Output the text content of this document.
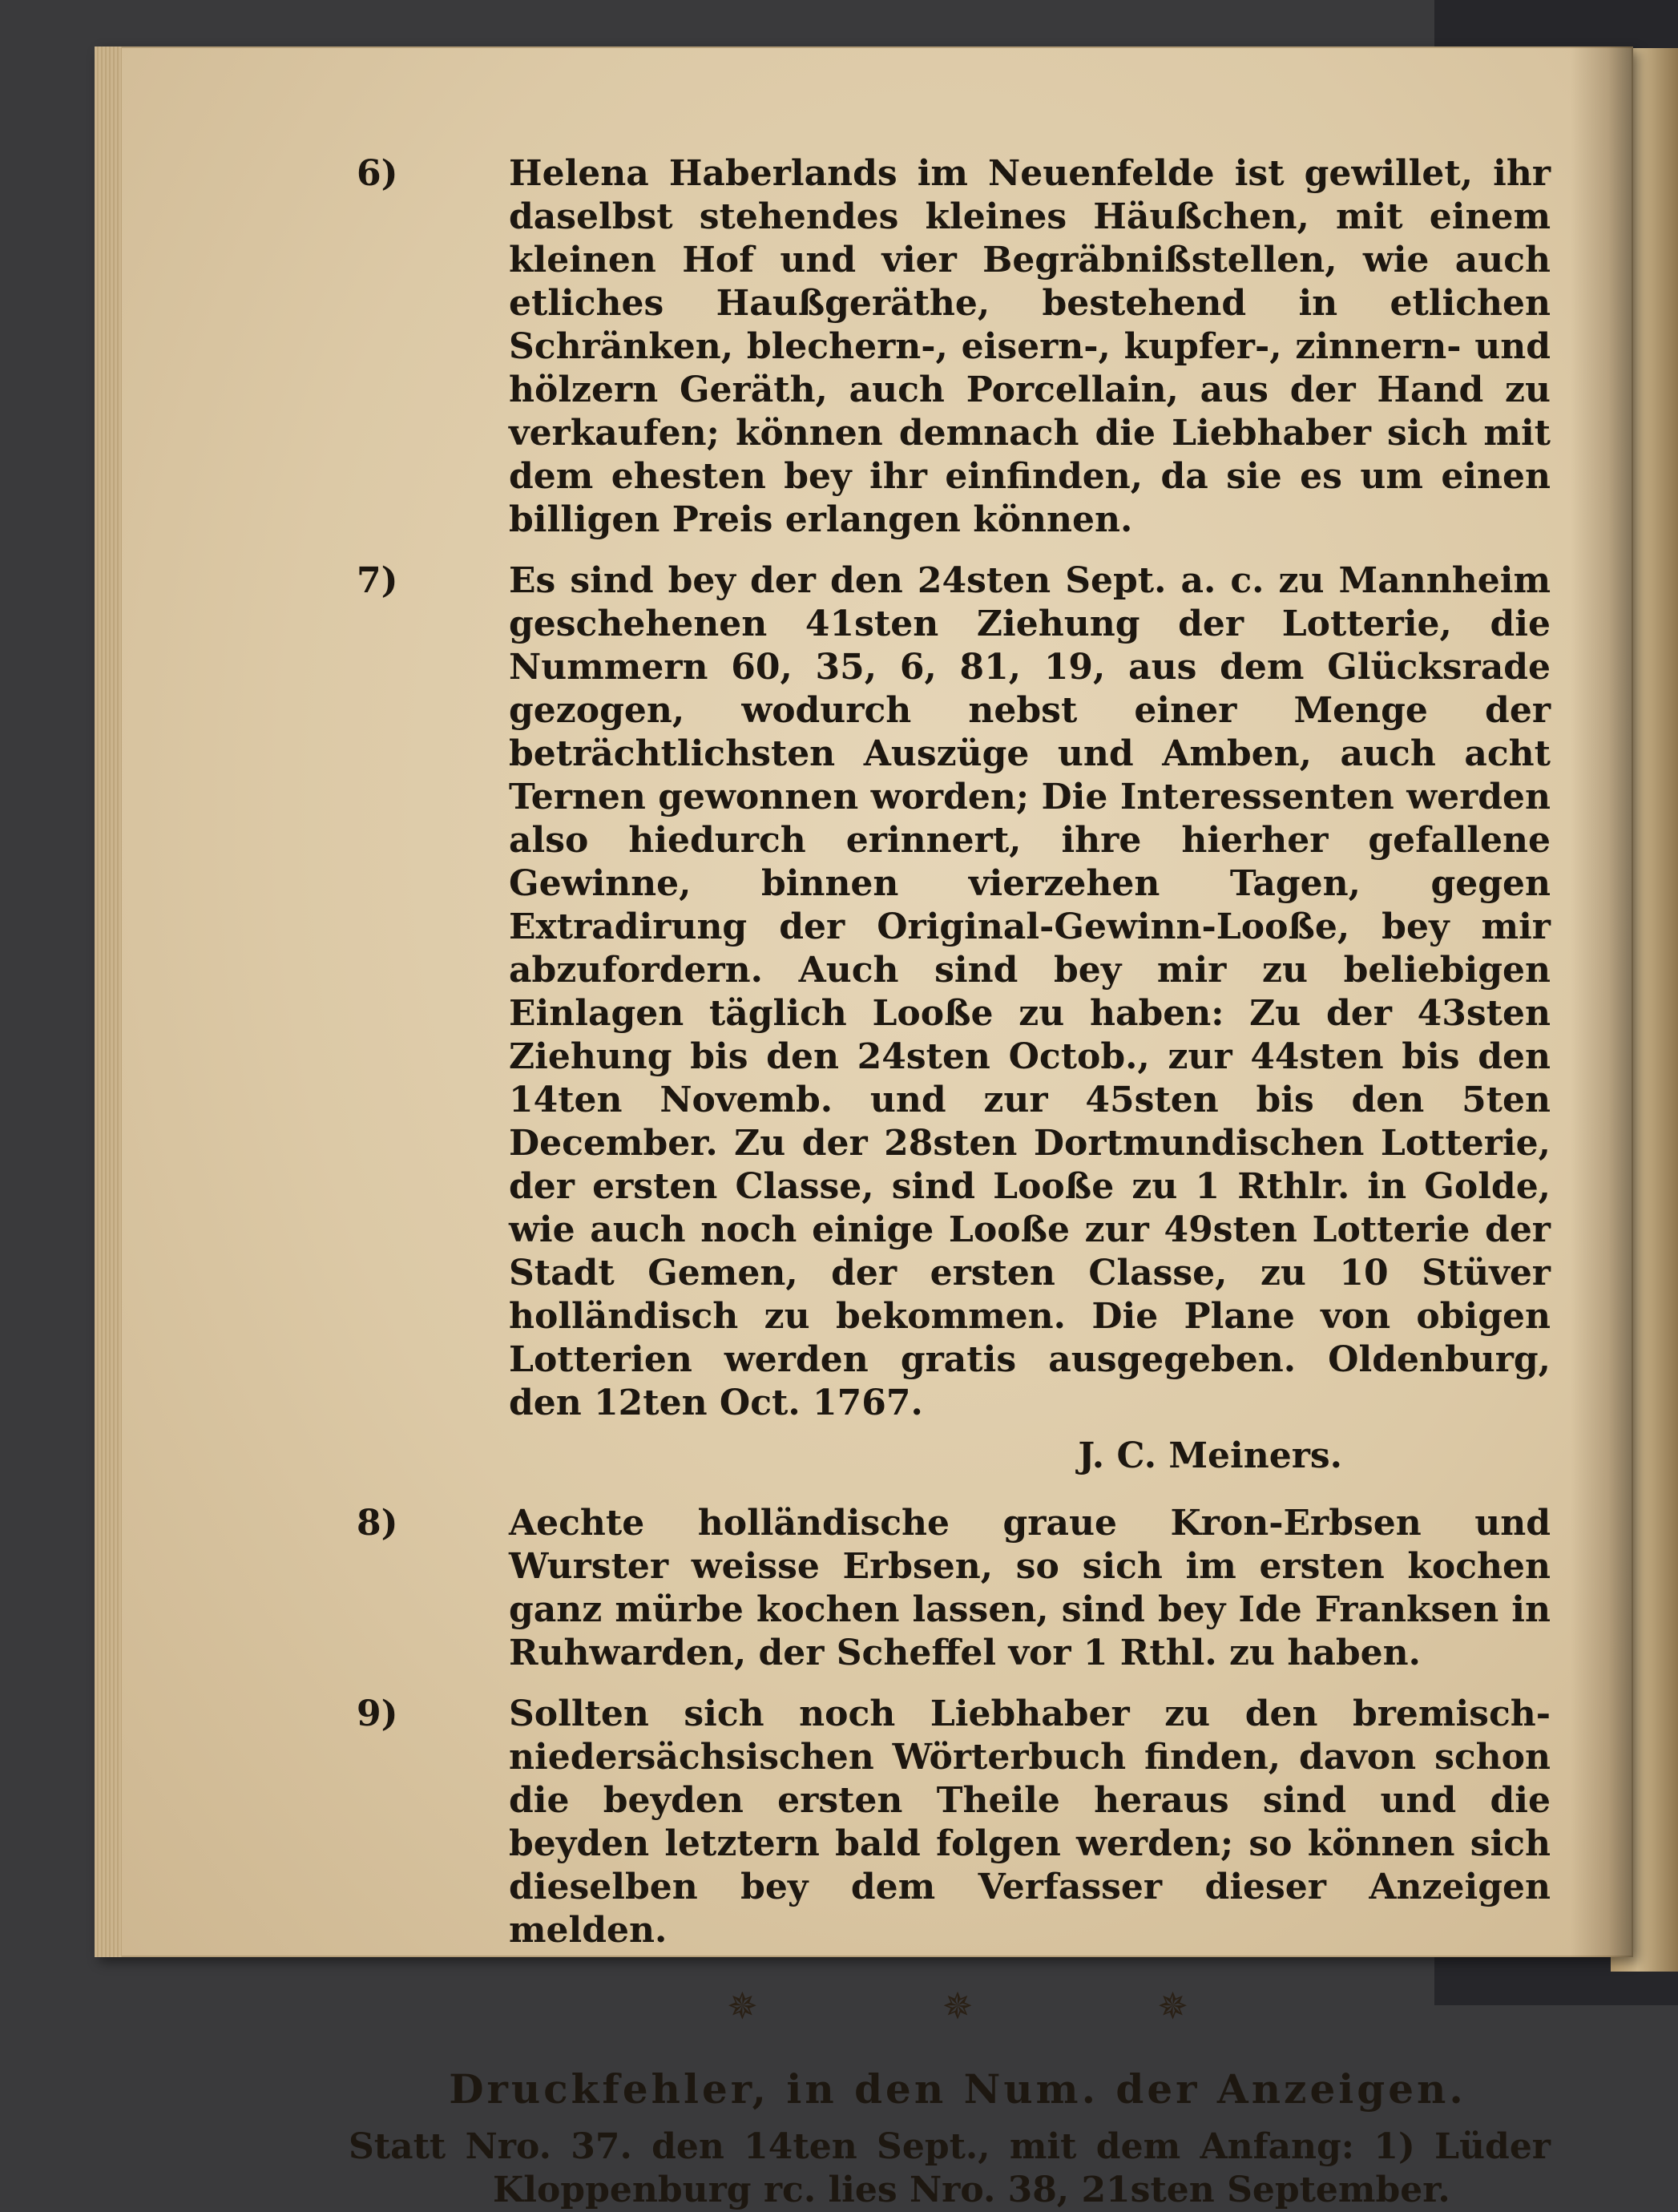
6)	Helena Haberlands im Neuenfelde ist gewillet, ihr daselbst stehendes kleines Häußchen, mit einem kleinen Hof und vier Begräbnißstellen, wie auch etliches Haußgeräthe, bestehend in etlichen Schränken, blechern-, eisern-, kupfer-, zinnern- und hölzern Geräth, auch Porcellain, aus der Hand zu verkaufen; können demnach die Liebhaber sich mit dem ehesten bey ihr einfinden, da sie es um einen billigen Preis erlangen können.
7)	Es sind bey der den 24sten Sept. a. c. zu Mannheim geschehenen 41sten Ziehung der Lotterie, die Nummern 60, 35, 6, 81, 19, aus dem Glücksrade gezogen, wodurch nebst einer Menge der beträchtlichsten Auszüge und Amben, auch acht Ternen gewonnen worden; Die Interessenten werden also hiedurch erinnert, ihre hierher gefallene Gewinne, binnen vierzehen Tagen, gegen Extradirung der Original-Gewinn-Looße, bey mir abzufordern. Auch sind bey mir zu beliebigen Einlagen täglich Looße zu haben: Zu der 43sten Ziehung bis den 24sten Octob., zur 44sten bis den 14ten Novemb. und zur 45sten bis den 5ten December. Zu der 28sten Dortmundischen Lotterie, der ersten Classe, sind Looße zu 1 Rthlr. in Golde, wie auch noch einige Looße zur 49sten Lotterie der Stadt Gemen, der ersten Classe, zu 10 Stüver holländisch zu bekommen. Die Plane von obigen Lotterien werden gratis ausgegeben. Oldenburg, den 12ten Oct. 1767.
J. C. Meiners.
8)	Aechte holländische graue Kron-Erbsen und Wurster weisse Erbsen, so sich im ersten kochen ganz mürbe kochen lassen, sind bey Ide Franksen in Ruhwarden, der Scheffel vor 1 Rthl. zu haben.
9)	Sollten sich noch Liebhaber zu den bremisch-niedersächsischen Wörterbuch finden, davon schon die beyden ersten Theile heraus sind und die beyden letztern bald folgen werden; so können sich dieselben bey dem Verfasser dieser Anzeigen melden.
✵	✵	✵
Druckfehler, in den Num. der Anzeigen.
Statt Nro. 37. den 14ten Sept., mit dem Anfang: 1) Lüder Kloppenburg rc. lies Nro. 38, 21sten September.
